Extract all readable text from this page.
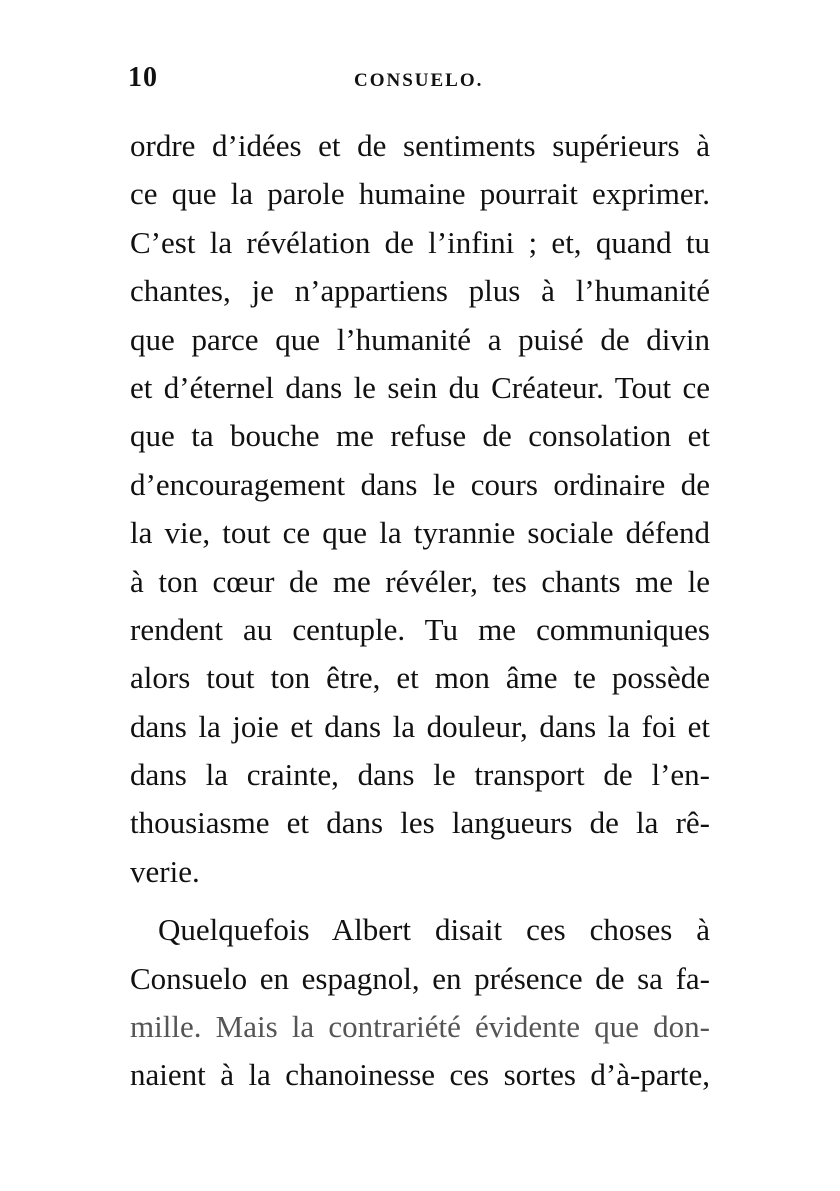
10	CONSUELO.
ordre d’idées et de sentiments supérieurs à
ce que la parole humaine pourrait exprimer.
C’est la révélation de l’infini ; et, quand tu
chantes, je n’appartiens plus à l’humanité
que parce que l’humanité a puisé de divin
et d’éternel dans le sein du Créateur. Tout ce
que ta bouche me refuse de consolation et
d’encouragement dans le cours ordinaire de
la vie, tout ce que la tyrannie sociale défend
à ton cœur de me révéler, tes chants me le
rendent au centuple. Tu me communiques
alors tout ton être, et mon âme te possède
dans la joie et dans la douleur, dans la foi et
dans la crainte, dans le transport de l’en-
thousiasme et dans les langueurs de la rê-
verie.
Quelquefois Albert disait ces choses à
Consuelo en espagnol, en présence de sa fa-
mille. Mais la contrariété évidente que don-
naient à la chanoinesse ces sortes d’à-parte,
